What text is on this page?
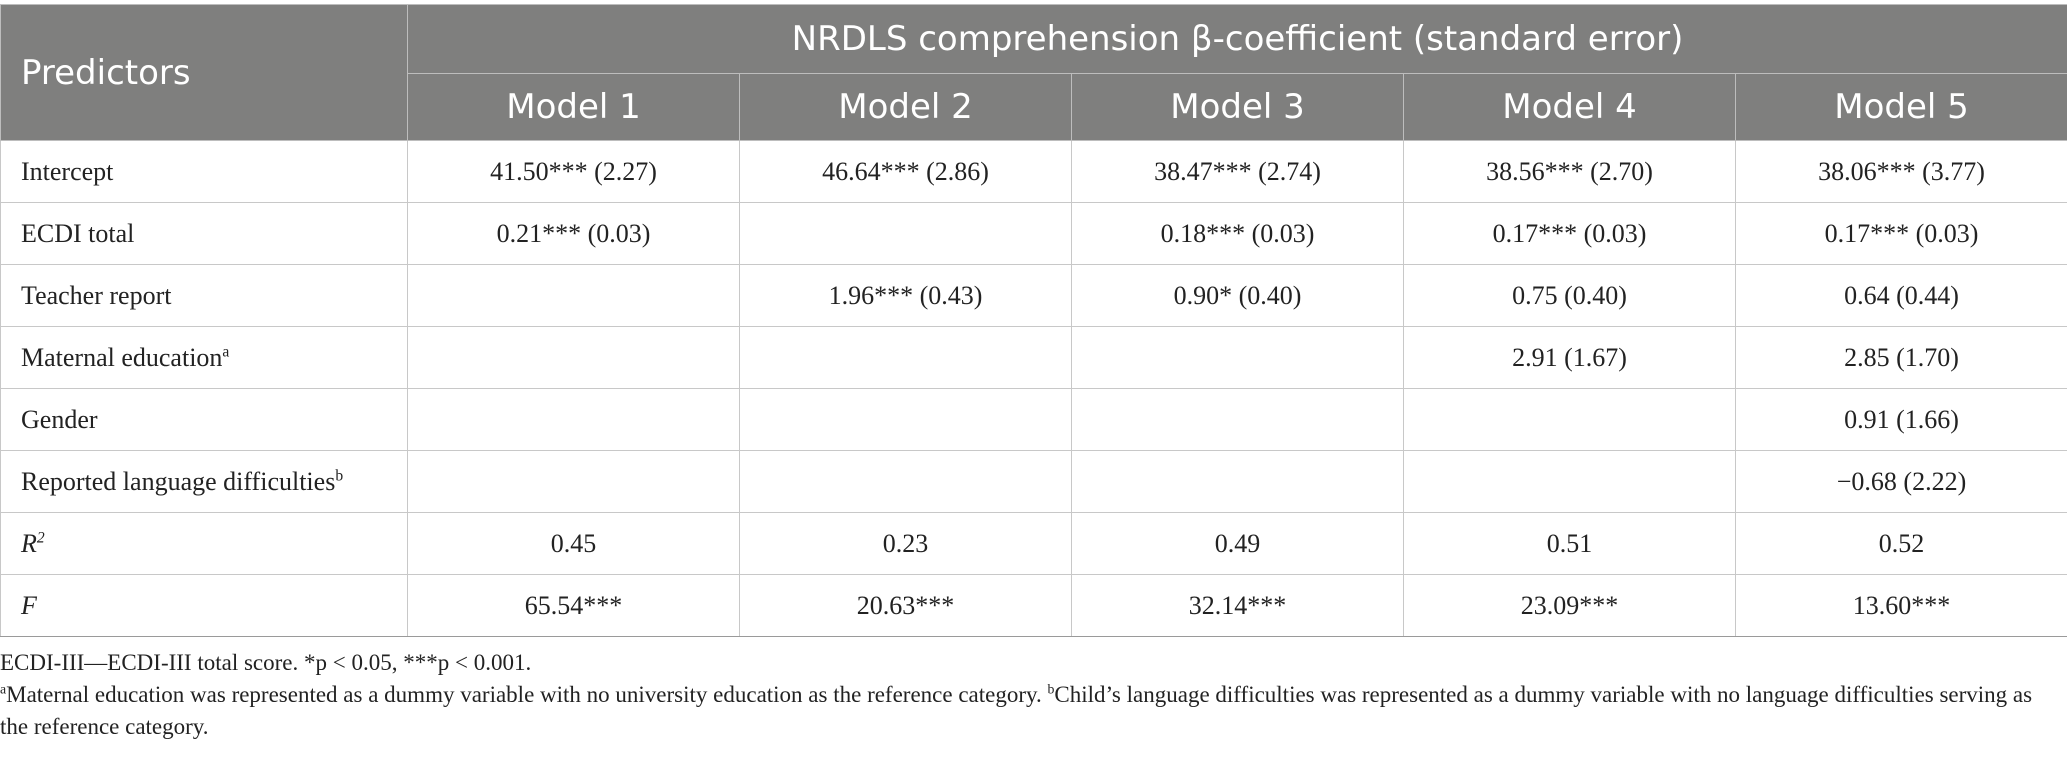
Predictors	NRDLS comprehension β-coefficient (standard error)				
	Model 1	Model 2	Model 3	Model 4	Model 5
Intercept	41.50*** (2.27)	46.64*** (2.86)	38.47*** (2.74)	38.56*** (2.70)	38.06*** (3.77)
ECDI total	0.21*** (0.03)		0.18*** (0.03)	0.17*** (0.03)	0.17*** (0.03)
Teacher report		1.96*** (0.43)	0.90* (0.40)	0.75 (0.40)	0.64 (0.44)
Maternal education$^a$				2.91 (1.67)	2.85 (1.70)
Gender					0.91 (1.66)
Reported language difficulties$^b$					−0.68 (2.22)
$R^2$	0.45	0.23	0.49	0.51	0.52
F	65.54***	20.63***	32.14***	23.09***	13.60***

ECDI-III—ECDI-III total score. *p < 0.05, ***p < 0.001.

$^a$Maternal education was represented as a dummy variable with no university education as the reference category. $^b$Child’s language difficulties was represented as a dummy variable with no language difficulties serving as the reference category.
